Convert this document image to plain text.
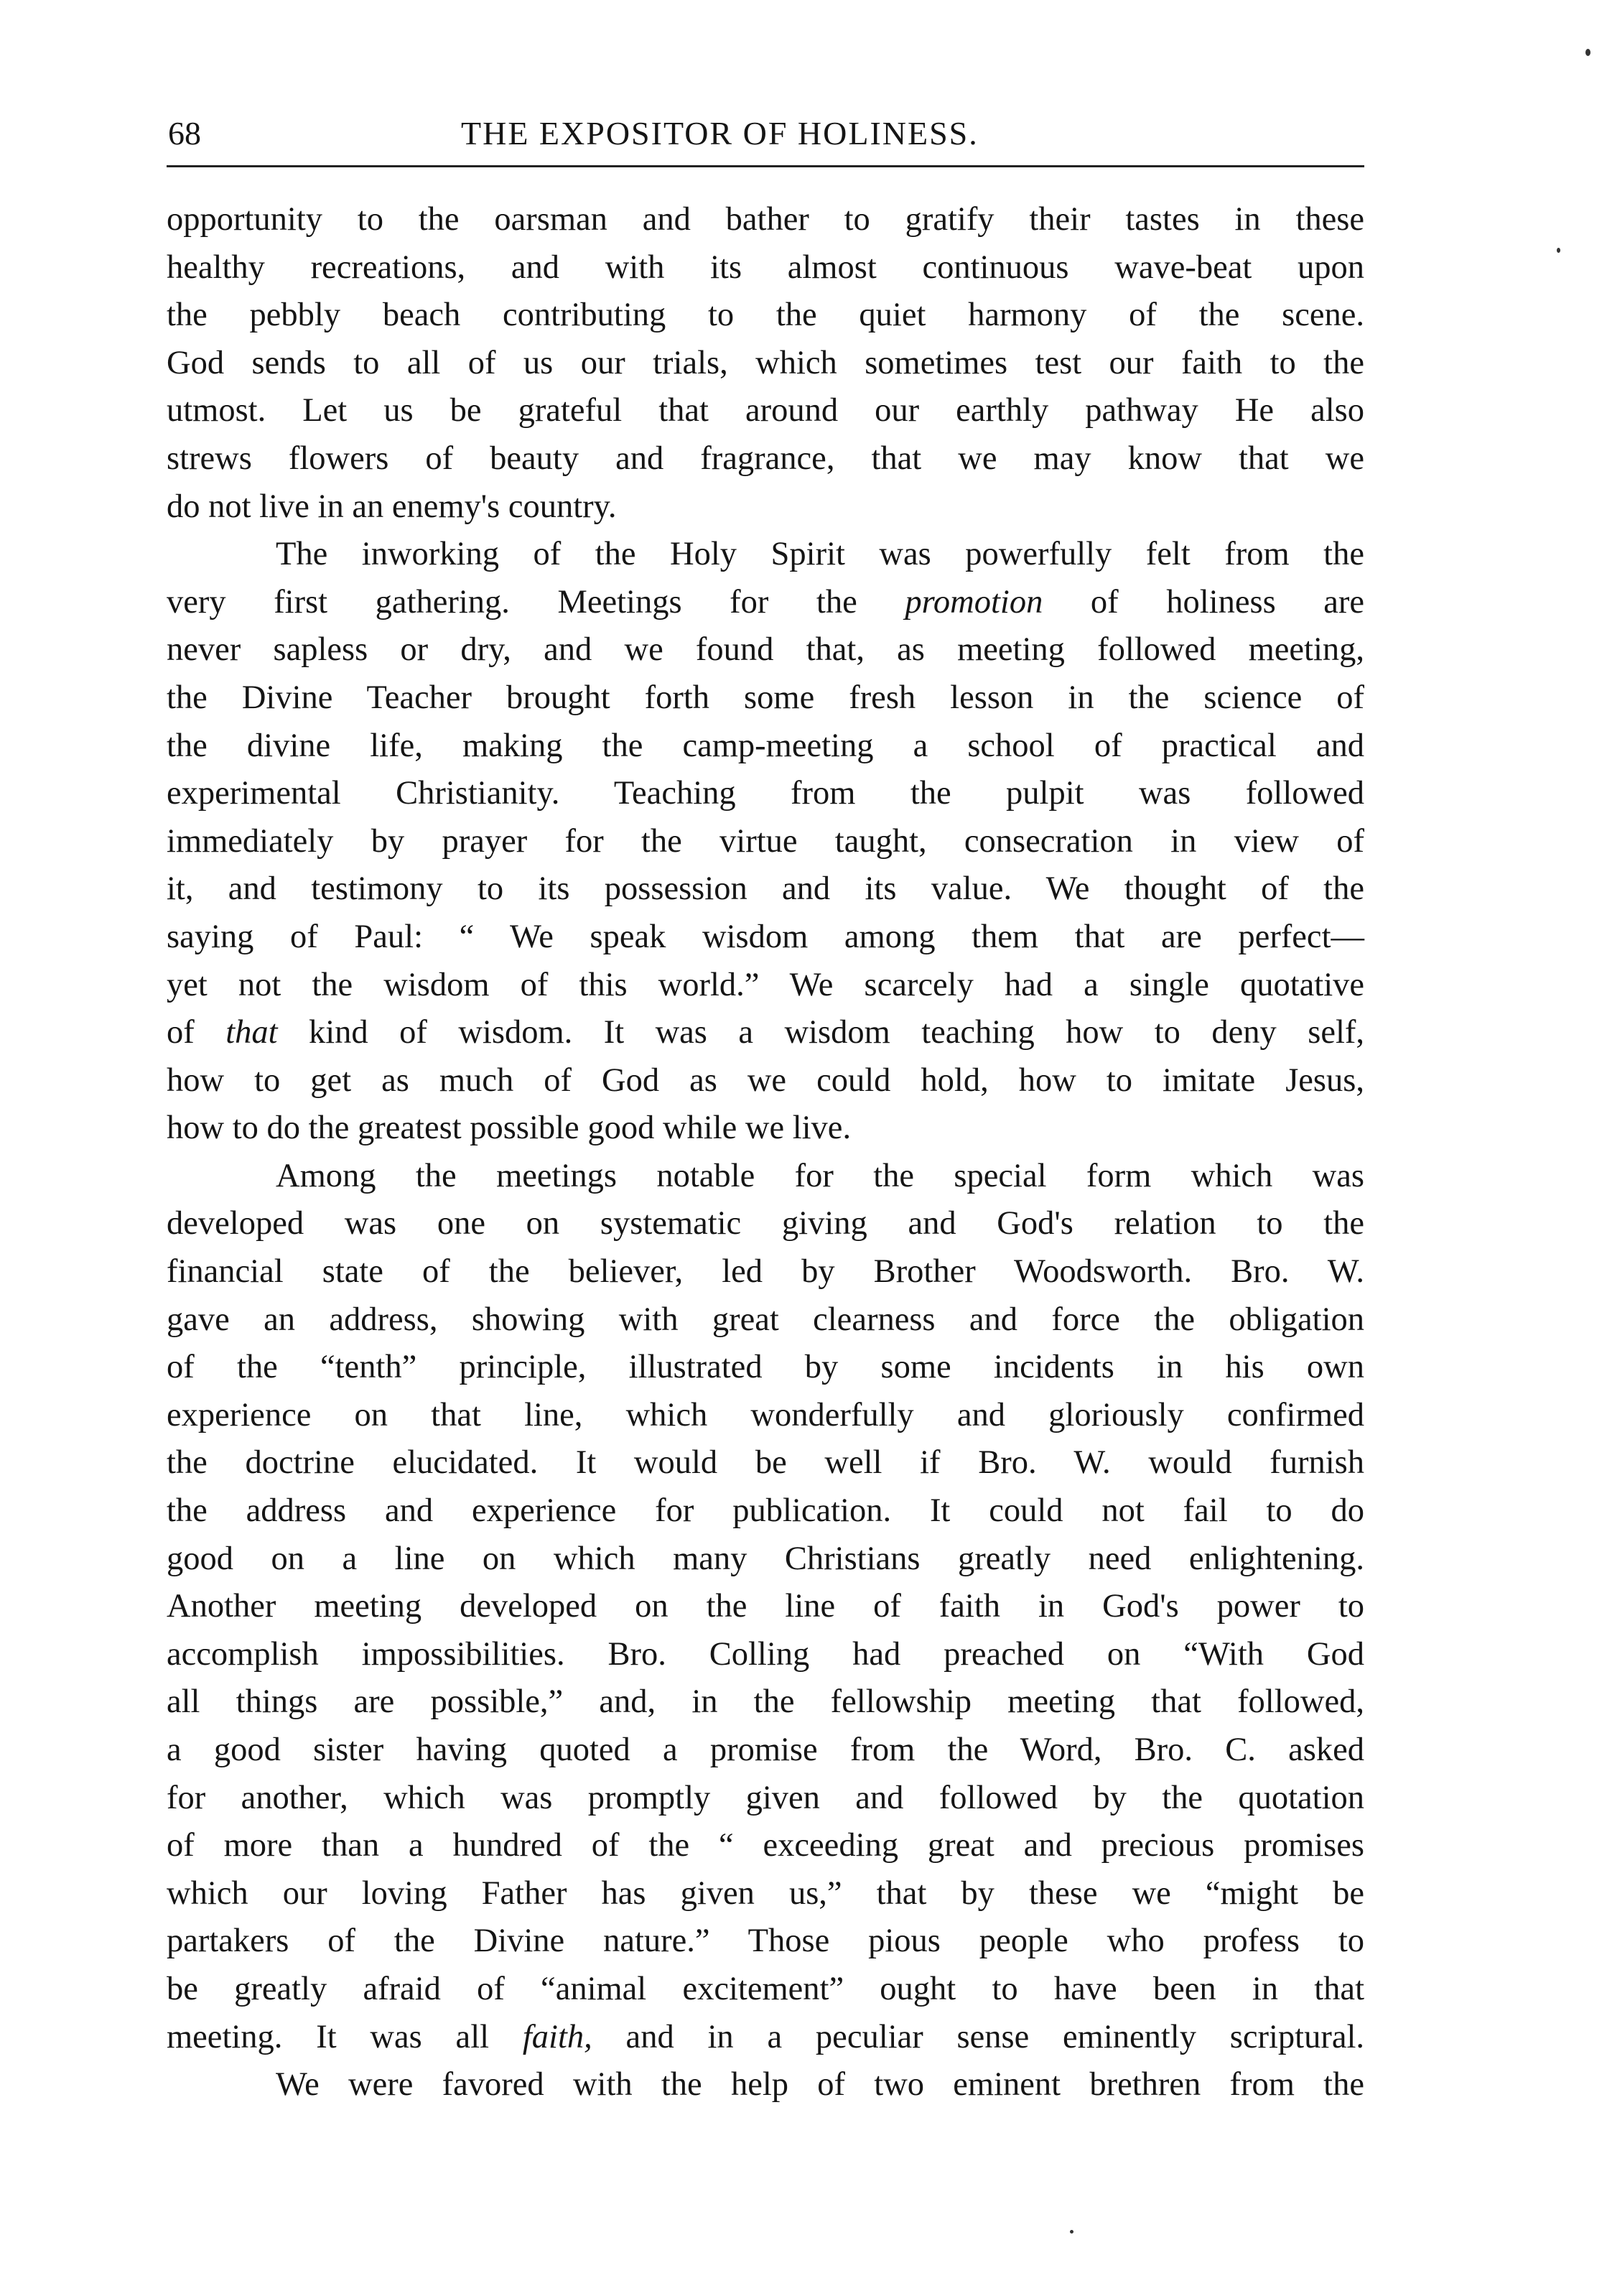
68	THE EXPOSITOR OF HOLINESS.
opportunity to the oarsman and bather to gratify their tastes in these
healthy recreations, and with its almost continuous wave-beat upon
the pebbly beach contributing to the quiet harmony of the scene.
God sends to all of us our trials, which sometimes test our faith to the
utmost. Let us be grateful that around our earthly pathway He also
strews flowers of beauty and fragrance, that we may know that we
do not live in an enemy's country.
The inworking of the Holy Spirit was powerfully felt from the
very first gathering. Meetings for the promotion of holiness are
never sapless or dry, and we found that, as meeting followed meeting,
the Divine Teacher brought forth some fresh lesson in the science of
the divine life, making the camp-meeting a school of practical and
experimental Christianity. Teaching from the pulpit was followed
immediately by prayer for the virtue taught, consecration in view of
it, and testimony to its possession and its value. We thought of the
saying of Paul: “ We speak wisdom among them that are perfect—
yet not the wisdom of this world.” We scarcely had a single quotative
of that kind of wisdom. It was a wisdom teaching how to deny self,
how to get as much of God as we could hold, how to imitate Jesus,
how to do the greatest possible good while we live.
Among the meetings notable for the special form which was
developed was one on systematic giving and God's relation to the
financial state of the believer, led by Brother Woodsworth. Bro. W.
gave an address, showing with great clearness and force the obligation
of the “tenth” principle, illustrated by some incidents in his own
experience on that line, which wonderfully and gloriously confirmed
the doctrine elucidated. It would be well if Bro. W. would furnish
the address and experience for publication. It could not fail to do
good on a line on which many Christians greatly need enlightening.
Another meeting developed on the line of faith in God's power to
accomplish impossibilities. Bro. Colling had preached on “With God
all things are possible,” and, in the fellowship meeting that followed,
a good sister having quoted a promise from the Word, Bro. C. asked
for another, which was promptly given and followed by the quotation
of more than a hundred of the “ exceeding great and precious promises
which our loving Father has given us,” that by these we “might be
partakers of the Divine nature.” Those pious people who profess to
be greatly afraid of “animal excitement” ought to have been in that
meeting. It was all faith, and in a peculiar sense eminently scriptural.
We were favored with the help of two eminent brethren from the
